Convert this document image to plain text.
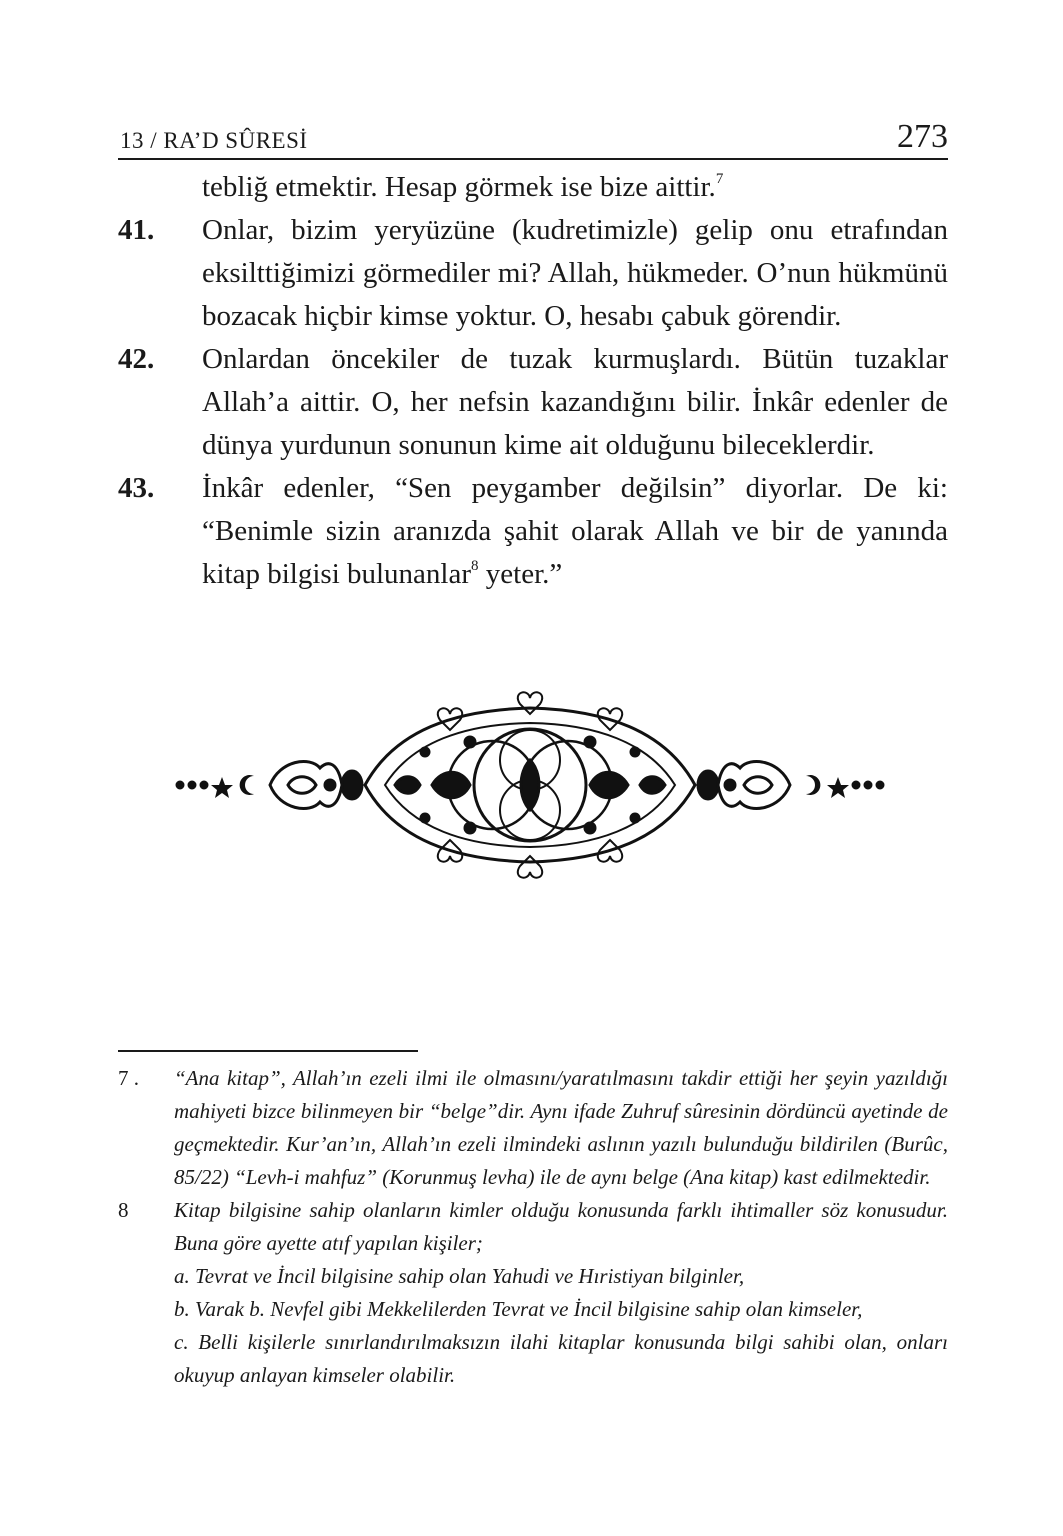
13 / RA’D SÛRESİ	273
tebliğ etmektir. Hesap görmek ise bize aittir.$^7$
41.	Onlar, bizim yeryüzüne (kudretimizle) gelip onu etrafından eksilttiğimizi görmediler mi? Allah, hükmeder. O’nun hükmünü bozacak hiçbir kimse yoktur. O, hesabı çabuk görendir.
42.	Onlardan öncekiler de tuzak kurmuşlardı. Bütün tuzaklar Allah’a aittir. O, her nefsin kazandığını bilir. İnkâr edenler de dünya yurdunun sonunun kime ait olduğunu bileceklerdir.
43.	İnkâr edenler, “Sen peygamber değilsin” diyorlar. De ki: “Benimle sizin aranızda şahit olarak Allah ve bir de yanında kitap bilgisi bulunanlar$^8$ yeter.”
7 .	“Ana kitap”, Allah’ın ezeli ilmi ile olmasını/yaratılmasını takdir ettiği her şeyin yazıldığı mahiyeti bizce bilinmeyen bir “belge”dir. Aynı ifade Zuhruf sûresinin dördüncü ayetinde de geçmektedir. Kur’an’ın, Allah’ın ezeli ilmindeki aslının yazılı bulunduğu bildirilen (Burûc, 85/22) “Levh-i mahfuz” (Korunmuş levha) ile de aynı belge (Ana kitap) kast edilmektedir.
8	Kitap bilgisine sahip olanların kimler olduğu konusunda farklı ihtimaller söz konusudur. Buna göre ayette atıf yapılan kişiler;
a. Tevrat ve İncil bilgisine sahip olan Yahudi ve Hıristiyan bilginler,
b. Varak b. Nevfel gibi Mekkelilerden Tevrat ve İncil bilgisine sahip olan kimseler,
c. Belli kişilerle sınırlandırılmaksızın ilahi kitaplar konusunda bilgi sahibi olan, onları okuyup anlayan kimseler olabilir.
